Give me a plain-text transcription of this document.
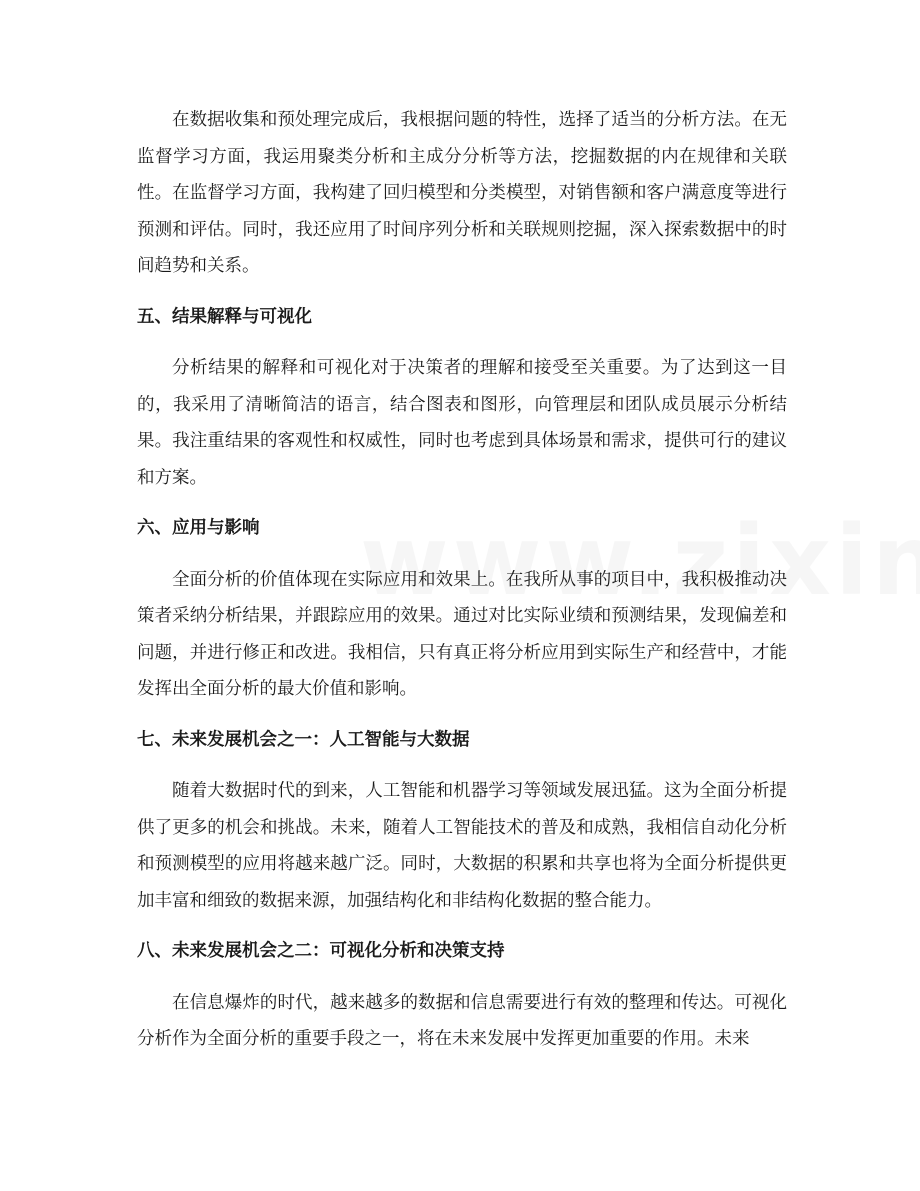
在数据收集和预处理完成后，我根据问题的特性，选择了适当的分析方法。在无监督学习方面，我运用聚类分析和主成分分析等方法，挖掘数据的内在规律和关联性。在监督学习方面，我构建了回归模型和分类模型，对销售额和客户满意度等进行预测和评估。同时，我还应用了时间序列分析和关联规则挖掘，深入探索数据中的时间趋势和关系。

五、结果解释与可视化

分析结果的解释和可视化对于决策者的理解和接受至关重要。为了达到这一目的，我采用了清晰简洁的语言，结合图表和图形，向管理层和团队成员展示分析结果。我注重结果的客观性和权威性，同时也考虑到具体场景和需求，提供可行的建议和方案。

六、应用与影响

全面分析的价值体现在实际应用和效果上。在我所从事的项目中，我积极推动决策者采纳分析结果，并跟踪应用的效果。通过对比实际业绩和预测结果，发现偏差和问题，并进行修正和改进。我相信，只有真正将分析应用到实际生产和经营中，才能发挥出全面分析的最大价值和影响。

七、未来发展机会之一：人工智能与大数据

随着大数据时代的到来，人工智能和机器学习等领域发展迅猛。这为全面分析提供了更多的机会和挑战。未来，随着人工智能技术的普及和成熟，我相信自动化分析和预测模型的应用将越来越广泛。同时，大数据的积累和共享也将为全面分析提供更加丰富和细致的数据来源，加强结构化和非结构化数据的整合能力。

八、未来发展机会之二：可视化分析和决策支持

在信息爆炸的时代，越来越多的数据和信息需要进行有效的整理和传达。可视化分析作为全面分析的重要手段之一，将在未来发展中发挥更加重要的作用。未来
